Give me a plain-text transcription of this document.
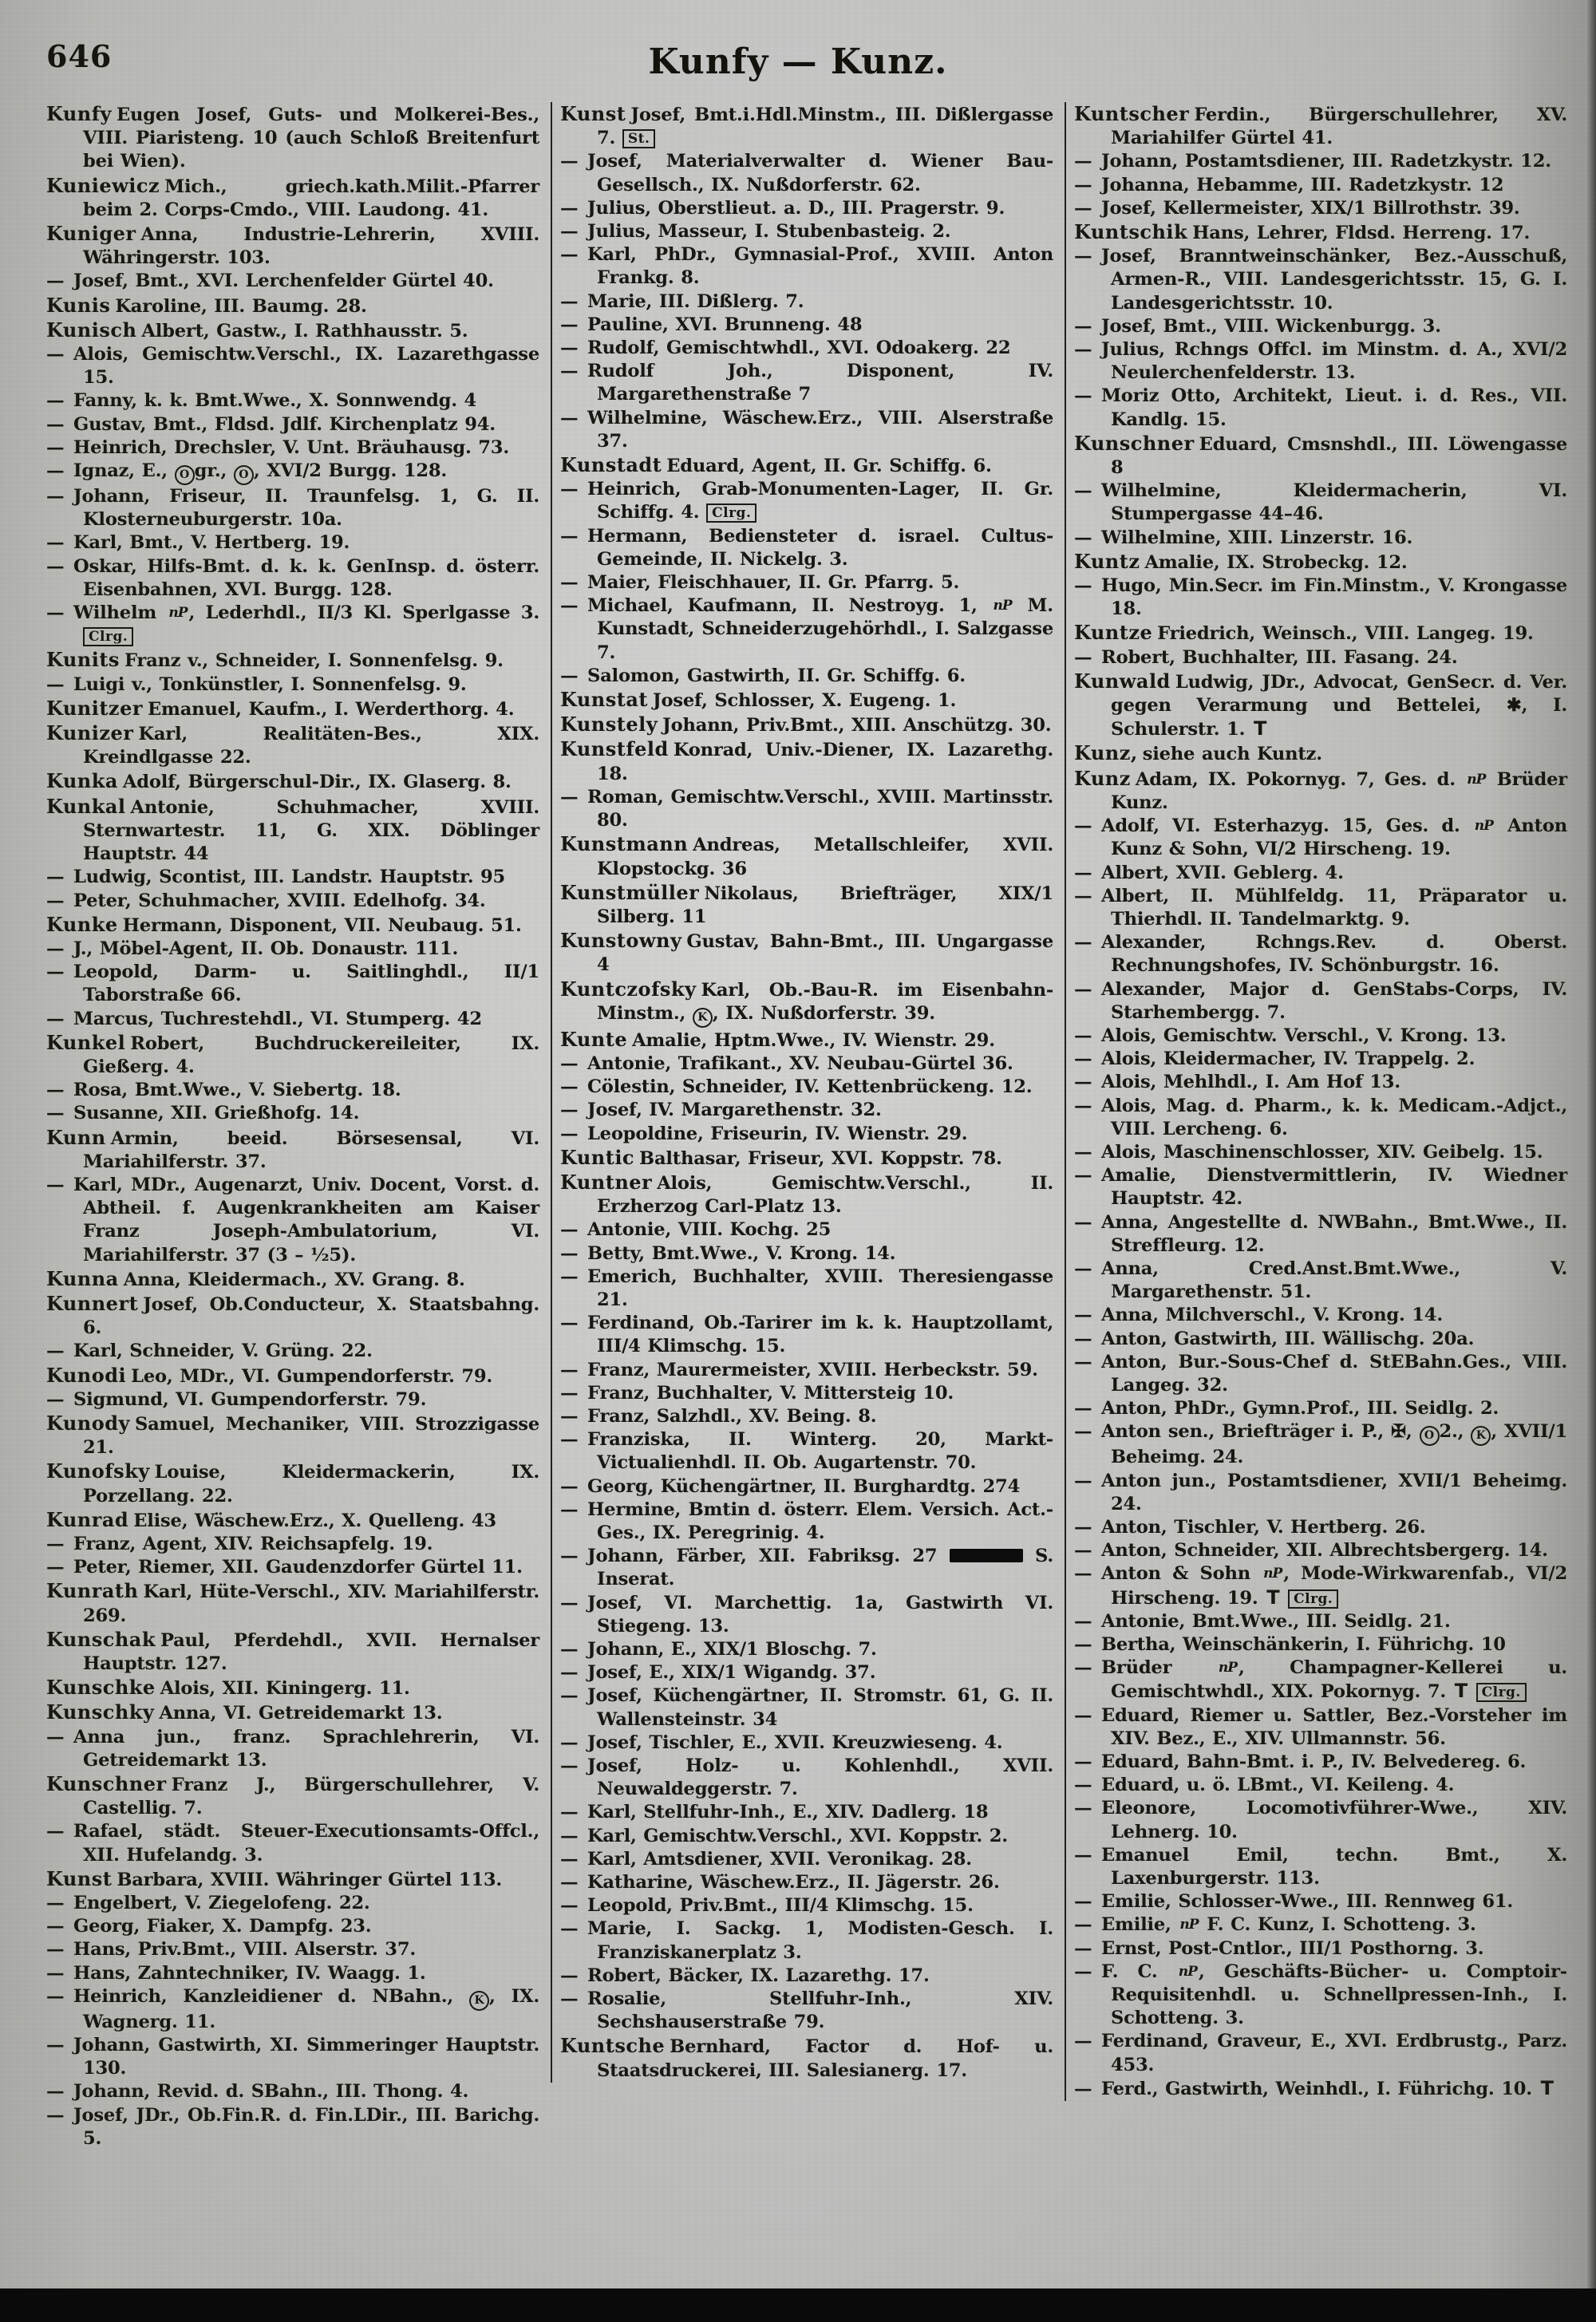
646	Kunfy — Kunz.
Kunfy Eugen Josef, Guts- und Molkerei-Bes., VIII. Piaristeng. 10 (auch Schloß Breitenfurt bei Wien).
Kuniewicz Mich., griech.kath.Milit.-Pfarrer beim 2. Corps-Cmdo., VIII. Laudong. 41.
Kuniger Anna, Industrie-Lehrerin, XVIII. Währingerstr. 103.
— Josef, Bmt., XVI. Lerchenfelder Gürtel 40.
Kunis Karoline, III. Baumg. 28.
Kunisch Albert, Gastw., I. Rathhausstr. 5.
— Alois, Gemischtw.Verschl., IX. Lazarethgasse 15.
— Fanny, k. k. Bmt.Wwe., X. Sonnwendg. 4
— Gustav, Bmt., Fldsd. Jdlf. Kirchenplatz 94.
— Heinrich, Drechsler, V. Unt. Bräuhausg. 73.
— Ignaz, E., O gr., O , XVI/2 Burgg. 128.
— Johann, Friseur, II. Traunfelsg. 1, G. II. Klosterneuburgerstr. 10a.
— Karl, Bmt., V. Hertberg. 19.
— Oskar, Hilfs-Bmt. d. k. k. GenInsp. d. österr. Eisenbahnen, XVI. Burgg. 128.
— Wilhelm nP, Lederhdl., II/3 Kl. Sperlgasse 3. Clrg.
Kunits Franz v., Schneider, I. Sonnenfelsg. 9.
— Luigi v., Tonkünstler, I. Sonnenfelsg. 9.
Kunitzer Emanuel, Kaufm., I. Werderthorg. 4.
Kunizer Karl, Realitäten-Bes., XIX. Kreindlgasse 22.
Kunka Adolf, Bürgerschul-Dir., IX. Glaserg. 8.
Kunkal Antonie, Schuhmacher, XVIII. Sternwartestr. 11, G. XIX. Döblinger Hauptstr. 44
— Ludwig, Scontist, III. Landstr. Hauptstr. 95
— Peter, Schuhmacher, XVIII. Edelhofg. 34.
Kunke Hermann, Disponent, VII. Neubaug. 51.
— J., Möbel-Agent, II. Ob. Donaustr. 111.
— Leopold, Darm- u. Saitlinghdl., II/1 Taborstraße 66.
— Marcus, Tuchrestehdl., VI. Stumperg. 42
Kunkel Robert, Buchdruckereileiter, IX. Gießerg. 4.
— Rosa, Bmt.Wwe., V. Siebertg. 18.
— Susanne, XII. Grießhofg. 14.
Kunn Armin, beeid. Börsesensal, VI. Mariahilferstr. 37.
— Karl, MDr., Augenarzt, Univ. Docent, Vorst. d. Abtheil. f. Augenkrankheiten am Kaiser Franz Joseph-Ambulatorium, VI. Mariahilferstr. 37 (3 – ½5).
Kunna Anna, Kleidermach., XV. Grang. 8.
Kunnert Josef, Ob.Conducteur, X. Staatsbahng. 6.
— Karl, Schneider, V. Grüng. 22.
Kunodi Leo, MDr., VI. Gumpendorferstr. 79.
— Sigmund, VI. Gumpendorferstr. 79.
Kunody Samuel, Mechaniker, VIII. Strozzigasse 21.
Kunofsky Louise, Kleidermackerin, IX. Porzellang. 22.
Kunrad Elise, Wäschew.Erz., X. Quelleng. 43
— Franz, Agent, XIV. Reichsapfelg. 19.
— Peter, Riemer, XII. Gaudenzdorfer Gürtel 11.
Kunrath Karl, Hüte-Verschl., XIV. Mariahilferstr. 269.
Kunschak Paul, Pferdehdl., XVII. Hernalser Hauptstr. 127.
Kunschke Alois, XII. Kiningerg. 11.
Kunschky Anna, VI. Getreidemarkt 13.
— Anna jun., franz. Sprachlehrerin, VI. Getreidemarkt 13.
Kunschner Franz J., Bürgerschullehrer, V. Castellig. 7.
— Rafael, städt. Steuer-Executionsamts-Offcl., XII. Hufelandg. 3.
Kunst Barbara, XVIII. Währinger Gürtel 113.
— Engelbert, V. Ziegelofeng. 22.
— Georg, Fiaker, X. Dampfg. 23.
— Hans, Priv.Bmt., VIII. Alserstr. 37.
— Hans, Zahntechniker, IV. Waagg. 1.
— Heinrich, Kanzleidiener d. NBahn., K , IX. Wagnerg. 11.
— Johann, Gastwirth, XI. Simmeringer Hauptstr. 130.
— Johann, Revid. d. SBahn., III. Thong. 4.
— Josef, JDr., Ob.Fin.R. d. Fin.LDir., III. Barichg. 5.
Kunst Josef, Bmt.i.Hdl.Minstm., III. Dißlergasse 7. St.
— Josef, Materialverwalter d. Wiener Bau-Gesellsch., IX. Nußdorferstr. 62.
— Julius, Oberstlieut. a. D., III. Pragerstr. 9.
— Julius, Masseur, I. Stubenbasteig. 2.
— Karl, PhDr., Gymnasial-Prof., XVIII. Anton Frankg. 8.
— Marie, III. Dißlerg. 7.
— Pauline, XVI. Brunneng. 48
— Rudolf, Gemischtwhdl., XVI. Odoakerg. 22
— Rudolf Joh., Disponent, IV. Margarethenstraße 7
— Wilhelmine, Wäschew.Erz., VIII. Alserstraße 37.
Kunstadt Eduard, Agent, II. Gr. Schiffg. 6.
— Heinrich, Grab-Monumenten-Lager, II. Gr. Schiffg. 4. Clrg.
— Hermann, Bediensteter d. israel. Cultus-Gemeinde, II. Nickelg. 3.
— Maier, Fleischhauer, II. Gr. Pfarrg. 5.
— Michael, Kaufmann, II. Nestroyg. 1, nP M. Kunstadt, Schneiderzugehörhdl., I. Salzgasse 7.
— Salomon, Gastwirth, II. Gr. Schiffg. 6.
Kunstat Josef, Schlosser, X. Eugeng. 1.
Kunstely Johann, Priv.Bmt., XIII. Anschützg. 30.
Kunstfeld Konrad, Univ.-Diener, IX. Lazarethg. 18.
— Roman, Gemischtw.Verschl., XVIII. Martinsstr. 80.
Kunstmann Andreas, Metallschleifer, XVII. Klopstockg. 36
Kunstmüller Nikolaus, Briefträger, XIX/1 Silberg. 11
Kunstowny Gustav, Bahn-Bmt., III. Ungargasse 4
Kuntczofsky Karl, Ob.-Bau-R. im Eisenbahn-Minstm., K , IX. Nußdorferstr. 39.
Kunte Amalie, Hptm.Wwe., IV. Wienstr. 29.
— Antonie, Trafikant., XV. Neubau-Gürtel 36.
— Cölestin, Schneider, IV. Kettenbrückeng. 12.
— Josef, IV. Margarethenstr. 32.
— Leopoldine, Friseurin, IV. Wienstr. 29.
Kuntic Balthasar, Friseur, XVI. Koppstr. 78.
Kuntner Alois, Gemischtw.Verschl., II. Erzherzog Carl-Platz 13.
— Antonie, VIII. Kochg. 25
— Betty, Bmt.Wwe., V. Krong. 14.
— Emerich, Buchhalter, XVIII. Theresiengasse 21.
— Ferdinand, Ob.-Tarirer im k. k. Hauptzollamt, III/4 Klimschg. 15.
— Franz, Maurermeister, XVIII. Herbeckstr. 59.
— Franz, Buchhalter, V. Mittersteig 10.
— Franz, Salzhdl., XV. Being. 8.
— Franziska, II. Winterg. 20, Markt-Victualienhdl. II. Ob. Augartenstr. 70.
— Georg, Küchengärtner, II. Burghardtg. 274
— Hermine, Bmtin d. österr. Elem. Versich. Act.-Ges., IX. Peregrinig. 4.
— Johann, Färber, XII. Fabriksg. 27	S. Inserat.
— Josef, VI. Marchettig. 1a, Gastwirth VI. Stiegeng. 13.
— Johann, E., XIX/1 Bloschg. 7.
— Josef, E., XIX/1 Wigandg. 37.
— Josef, Küchengärtner, II. Stromstr. 61, G. II. Wallensteinstr. 34
— Josef, Tischler, E., XVII. Kreuzwieseng. 4.
— Josef, Holz- u. Kohlenhdl., XVII. Neuwaldeggerstr. 7.
— Karl, Stellfuhr-Inh., E., XIV. Dadlerg. 18
— Karl, Gemischtw.Verschl., XVI. Koppstr. 2.
— Karl, Amtsdiener, XVII. Veronikag. 28.
— Katharine, Wäschew.Erz., II. Jägerstr. 26.
— Leopold, Priv.Bmt., III/4 Klimschg. 15.
— Marie, I. Sackg. 1, Modisten-Gesch. I. Franziskanerplatz 3.
— Robert, Bäcker, IX. Lazarethg. 17.
— Rosalie, Stellfuhr-Inh., XIV. Sechshauserstraße 79.
Kuntsche Bernhard, Factor d. Hof- u. Staatsdruckerei, III. Salesianerg. 17.
Kuntscher Ferdin., Bürgerschullehrer, XV. Mariahilfer Gürtel 41.
— Johann, Postamtsdiener, III. Radetzkystr. 12.
— Johanna, Hebamme, III. Radetzkystr. 12
— Josef, Kellermeister, XIX/1 Billrothstr. 39.
Kuntschik Hans, Lehrer, Fldsd. Herreng. 17.
— Josef, Branntweinschänker, Bez.-Ausschuß, Armen-R., VIII. Landesgerichtsstr. 15, G. I. Landesgerichtsstr. 10.
— Josef, Bmt., VIII. Wickenburgg. 3.
— Julius, Rchngs Offcl. im Minstm. d. A., XVI/2 Neulerchenfelderstr. 13.
— Moriz Otto, Architekt, Lieut. i. d. Res., VII. Kandlg. 15.
Kunschner Eduard, Cmsnshdl., III. Löwengasse 8
— Wilhelmine, Kleidermacherin, VI. Stumpergasse 44–46.
— Wilhelmine, XIII. Linzerstr. 16.
Kuntz Amalie, IX. Strobeckg. 12.
— Hugo, Min.Secr. im Fin.Minstm., V. Krongasse 18.
Kuntze Friedrich, Weinsch., VIII. Langeg. 19.
— Robert, Buchhalter, III. Fasang. 24.
Kunwald Ludwig, JDr., Advocat, GenSecr. d. Ver. gegen Verarmung und Bettelei, ✱, I. Schulerstr. 1. T
Kunz, siehe auch Kuntz.
Kunz Adam, IX. Pokornyg. 7, Ges. d. nP Brüder Kunz.
— Adolf, VI. Esterhazyg. 15, Ges. d. nP Anton Kunz & Sohn, VI/2 Hirscheng. 19.
— Albert, XVII. Geblerg. 4.
— Albert, II. Mühlfeldg. 11, Präparator u. Thierhdl. II. Tandelmarktg. 9.
— Alexander, Rchngs.Rev. d. Oberst. Rechnungshofes, IV. Schönburgstr. 16.
— Alexander, Major d. GenStabs-Corps, IV. Starhembergg. 7.
— Alois, Gemischtw. Verschl., V. Krong. 13.
— Alois, Kleidermacher, IV. Trappelg. 2.
— Alois, Mehlhdl., I. Am Hof 13.
— Alois, Mag. d. Pharm., k. k. Medicam.-Adjct., VIII. Lercheng. 6.
— Alois, Maschinenschlosser, XIV. Geibelg. 15.
— Amalie, Dienstvermittlerin, IV. Wiedner Hauptstr. 42.
— Anna, Angestellte d. NWBahn., Bmt.Wwe., II. Streffleurg. 12.
— Anna, Cred.Anst.Bmt.Wwe., V. Margarethenstr. 51.
— Anna, Milchverschl., V. Krong. 14.
— Anton, Gastwirth, III. Wällischg. 20a.
— Anton, Bur.-Sous-Chef d. StEBahn.Ges., VIII. Langeg. 32.
— Anton, PhDr., Gymn.Prof., III. Seidlg. 2.
— Anton sen., Briefträger i. P., ✠, O 2., K , XVII/1 Beheimg. 24.
— Anton jun., Postamtsdiener, XVII/1 Beheimg. 24.
— Anton, Tischler, V. Hertberg. 26.
— Anton, Schneider, XII. Albrechtsbergerg. 14.
— Anton & Sohn nP, Mode-Wirkwarenfab., VI/2 Hirscheng. 19. T Clrg.
— Antonie, Bmt.Wwe., III. Seidlg. 21.
— Bertha, Weinschänkerin, I. Führichg. 10
— Brüder nP, Champagner-Kellerei u. Gemischtwhdl., XIX. Pokornyg. 7. T Clrg.
— Eduard, Riemer u. Sattler, Bez.-Vorsteher im XIV. Bez., E., XIV. Ullmannstr. 56.
— Eduard, Bahn-Bmt. i. P., IV. Belvedereg. 6.
— Eduard, u. ö. LBmt., VI. Keileng. 4.
— Eleonore, Locomotivführer-Wwe., XIV. Lehnerg. 10.
— Emanuel Emil, techn. Bmt., X. Laxenburgerstr. 113.
— Emilie, Schlosser-Wwe., III. Rennweg 61.
— Emilie, nP F. C. Kunz, I. Schotteng. 3.
— Ernst, Post-Cntlor., III/1 Posthorng. 3.
— F. C. nP, Geschäfts-Bücher- u. Comptoir-Requisitenhdl. u. Schnellpressen-Inh., I. Schotteng. 3.
— Ferdinand, Graveur, E., XVI. Erdbrustg., Parz. 453.
— Ferd., Gastwirth, Weinhdl., I. Führichg. 10. T
